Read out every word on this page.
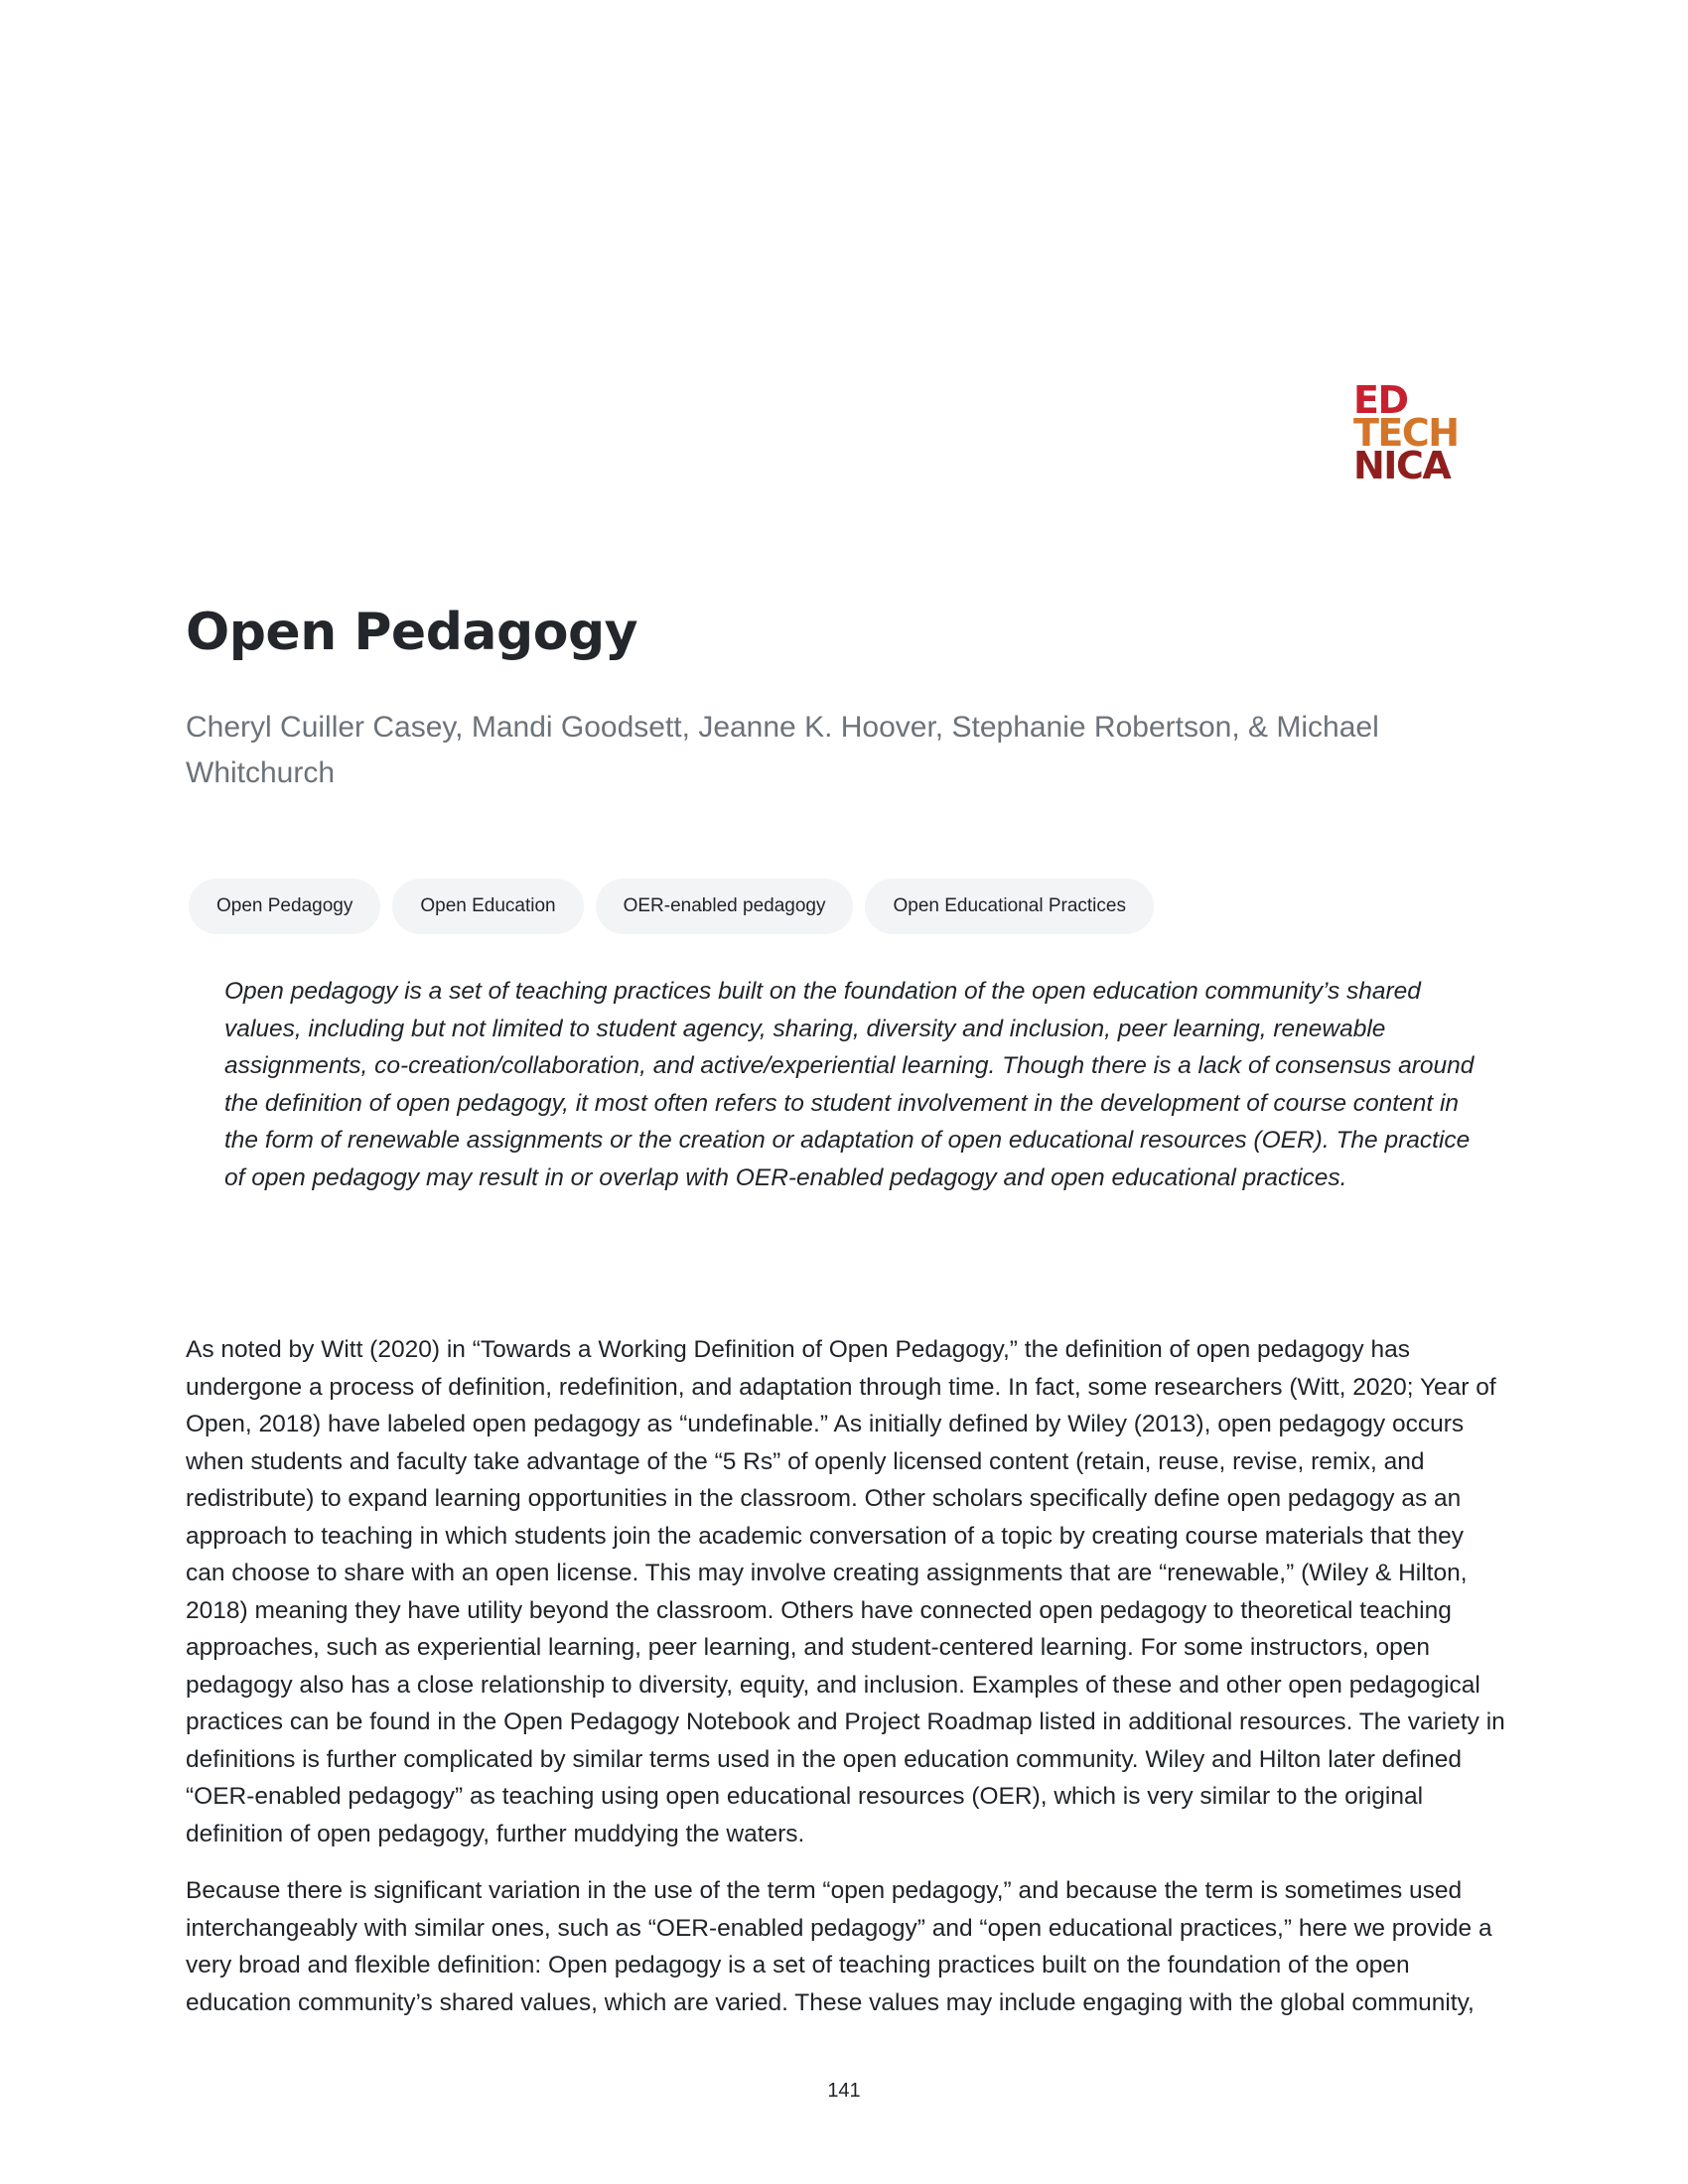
ED
TECH
NICA
Open Pedagogy

Cheryl Cuiller Casey, Mandi Goodsett, Jeanne K. Hoover, Stephanie Robertson, & Michael Whitchurch

Open Pedagogy	Open Education	OER-enabled pedagogy	Open Educational Practices

Open pedagogy is a set of teaching practices built on the foundation of the open education community’s shared values, including but not limited to student agency, sharing, diversity and inclusion, peer learning, renewable assignments, co-creation/collaboration, and active/experiential learning. Though there is a lack of consensus around the definition of open pedagogy, it most often refers to student involvement in the development of course content in the form of renewable assignments or the creation or adaptation of open educational resources (OER). The practice of open pedagogy may result in or overlap with OER-enabled pedagogy and open educational practices.

As noted by Witt (2020) in “Towards a Working Definition of Open Pedagogy,” the definition of open pedagogy has undergone a process of definition, redefinition, and adaptation through time. In fact, some researchers (Witt, 2020; Year of Open, 2018) have labeled open pedagogy as “undefinable.” As initially defined by Wiley (2013), open pedagogy occurs when students and faculty take advantage of the “5 Rs” of openly licensed content (retain, reuse, revise, remix, and redistribute) to expand learning opportunities in the classroom. Other scholars specifically define open pedagogy as an approach to teaching in which students join the academic conversation of a topic by creating course materials that they can choose to share with an open license. This may involve creating assignments that are “renewable,” (Wiley & Hilton, 2018) meaning they have utility beyond the classroom. Others have connected open pedagogy to theoretical teaching approaches, such as experiential learning, peer learning, and student-centered learning. For some instructors, open pedagogy also has a close relationship to diversity, equity, and inclusion. Examples of these and other open pedagogical practices can be found in the Open Pedagogy Notebook and Project Roadmap listed in additional resources. The variety in definitions is further complicated by similar terms used in the open education community. Wiley and Hilton later defined “OER-enabled pedagogy” as teaching using open educational resources (OER), which is very similar to the original definition of open pedagogy, further muddying the waters.

Because there is significant variation in the use of the term “open pedagogy,” and because the term is sometimes used interchangeably with similar ones, such as “OER-enabled pedagogy” and “open educational practices,” here we provide a very broad and flexible definition: Open pedagogy is a set of teaching practices built on the foundation of the open education community’s shared values, which are varied. These values may include engaging with the global community,

141
